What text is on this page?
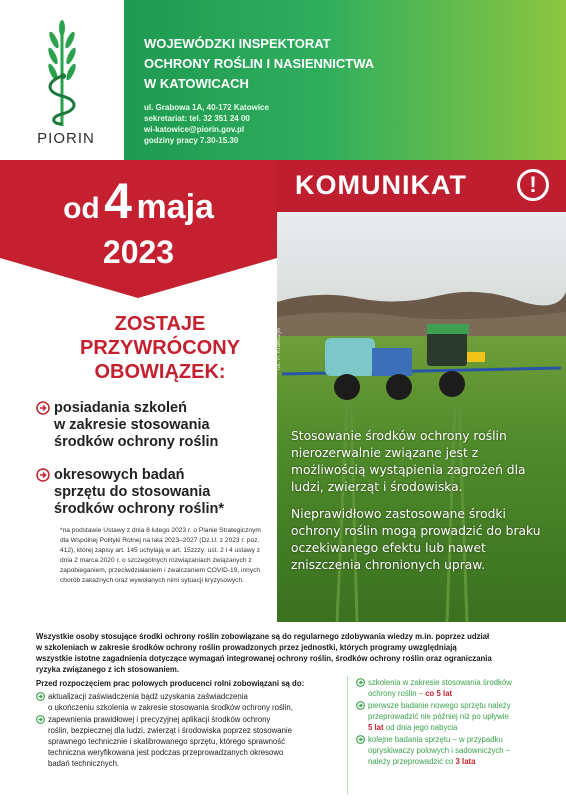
PIORIN
WOJEWÓDZKI INSPEKTORAT
OCHRONY ROŚLIN I NASIENNICTWA
W KATOWICACH
ul. Grabowa 1A, 40-172 Katowice
sekretariat: tel. 32 351 24 00
wi-katowice@piorin.gov.pl
godziny pracy 7.30-15.30
od 4 maja
2023
KOMUNIKAT	!
fot. P. Krawczyk

Stosowanie środków ochrony roślin nierozerwalnie związane jest z możliwością wystąpienia zagrożeń dla ludzi, zwierząt i środowiska.

Nieprawidłowo zastosowane środki ochrony roślin mogą prowadzić do braku oczekiwanego efektu lub nawet zniszczenia chronionych upraw.

ZOSTAJE
PRZYWRÓCONY
OBOWIĄZEK:
posiadania szkoleń
w zakresie stosowania
środków ochrony roślin
okresowych badań
sprzętu do stosowania
środków ochrony roślin*
*na podstawie Ustawy z dnia 8 lutego 2023 r. o Planie Strategicznym dla Wspólnej Polityki Rolnej na lata 2023–2027 (Dz.U. z 2023 r. poz. 412), której zapisy art. 145 uchylają w art. 15zzzy: ust. 2 i 4 ustawy z dnia 2 marca 2020 r. o szczególnych rozwiązaniach związanych z zapobieganiem, przeciwdziałaniem i zwalczaniem COVID-19, innych chorób zakaźnych oraz wywołanych nimi sytuacji kryzysowych.
Wszystkie osoby stosujące środki ochrony roślin zobowiązane są do regularnego zdobywania wiedzy m.in. poprzez udział
w szkoleniach w zakresie środków ochrony roślin prowadzonych przez jednostki, których programy uwzględniają
wszystkie istotne zagadnienia dotyczące wymagań integrowanej ochrony roślin, środków ochrony roślin oraz ograniczania
ryzyka związanego z ich stosowaniem.
Przed rozpoczęciem prac polowych producenci rolni zobowiązani są do:
aktualizacji zaświadczenia bądź uzyskania zaświadczenia
o ukończeniu szkolenia w zakresie stosowania środków ochrony roślin,
zapewnienia prawidłowej i precyzyjnej aplikacji środków ochrony
roślin, bezpiecznej dla ludzi, zwierząt i środowiska poprzez stosowanie
sprawnego technicznie i skalibrowanego sprzętu, którego sprawność
techniczna weryfikowana jest podczas przeprowadzanych okresowo
badań technicznych.
szkolenia w zakresie stosowania środków
ochrony roślin – co 5 lat
pierwsze badanie nowego sprzętu należy
przeprowadzić nie później niż po upływie
5 lat od dnia jego nabycia
kolejne badania sprzętu – w przypadku
opryskiwaczy polowych i sadowniczych –
należy przeprowadzić co 3 lata
